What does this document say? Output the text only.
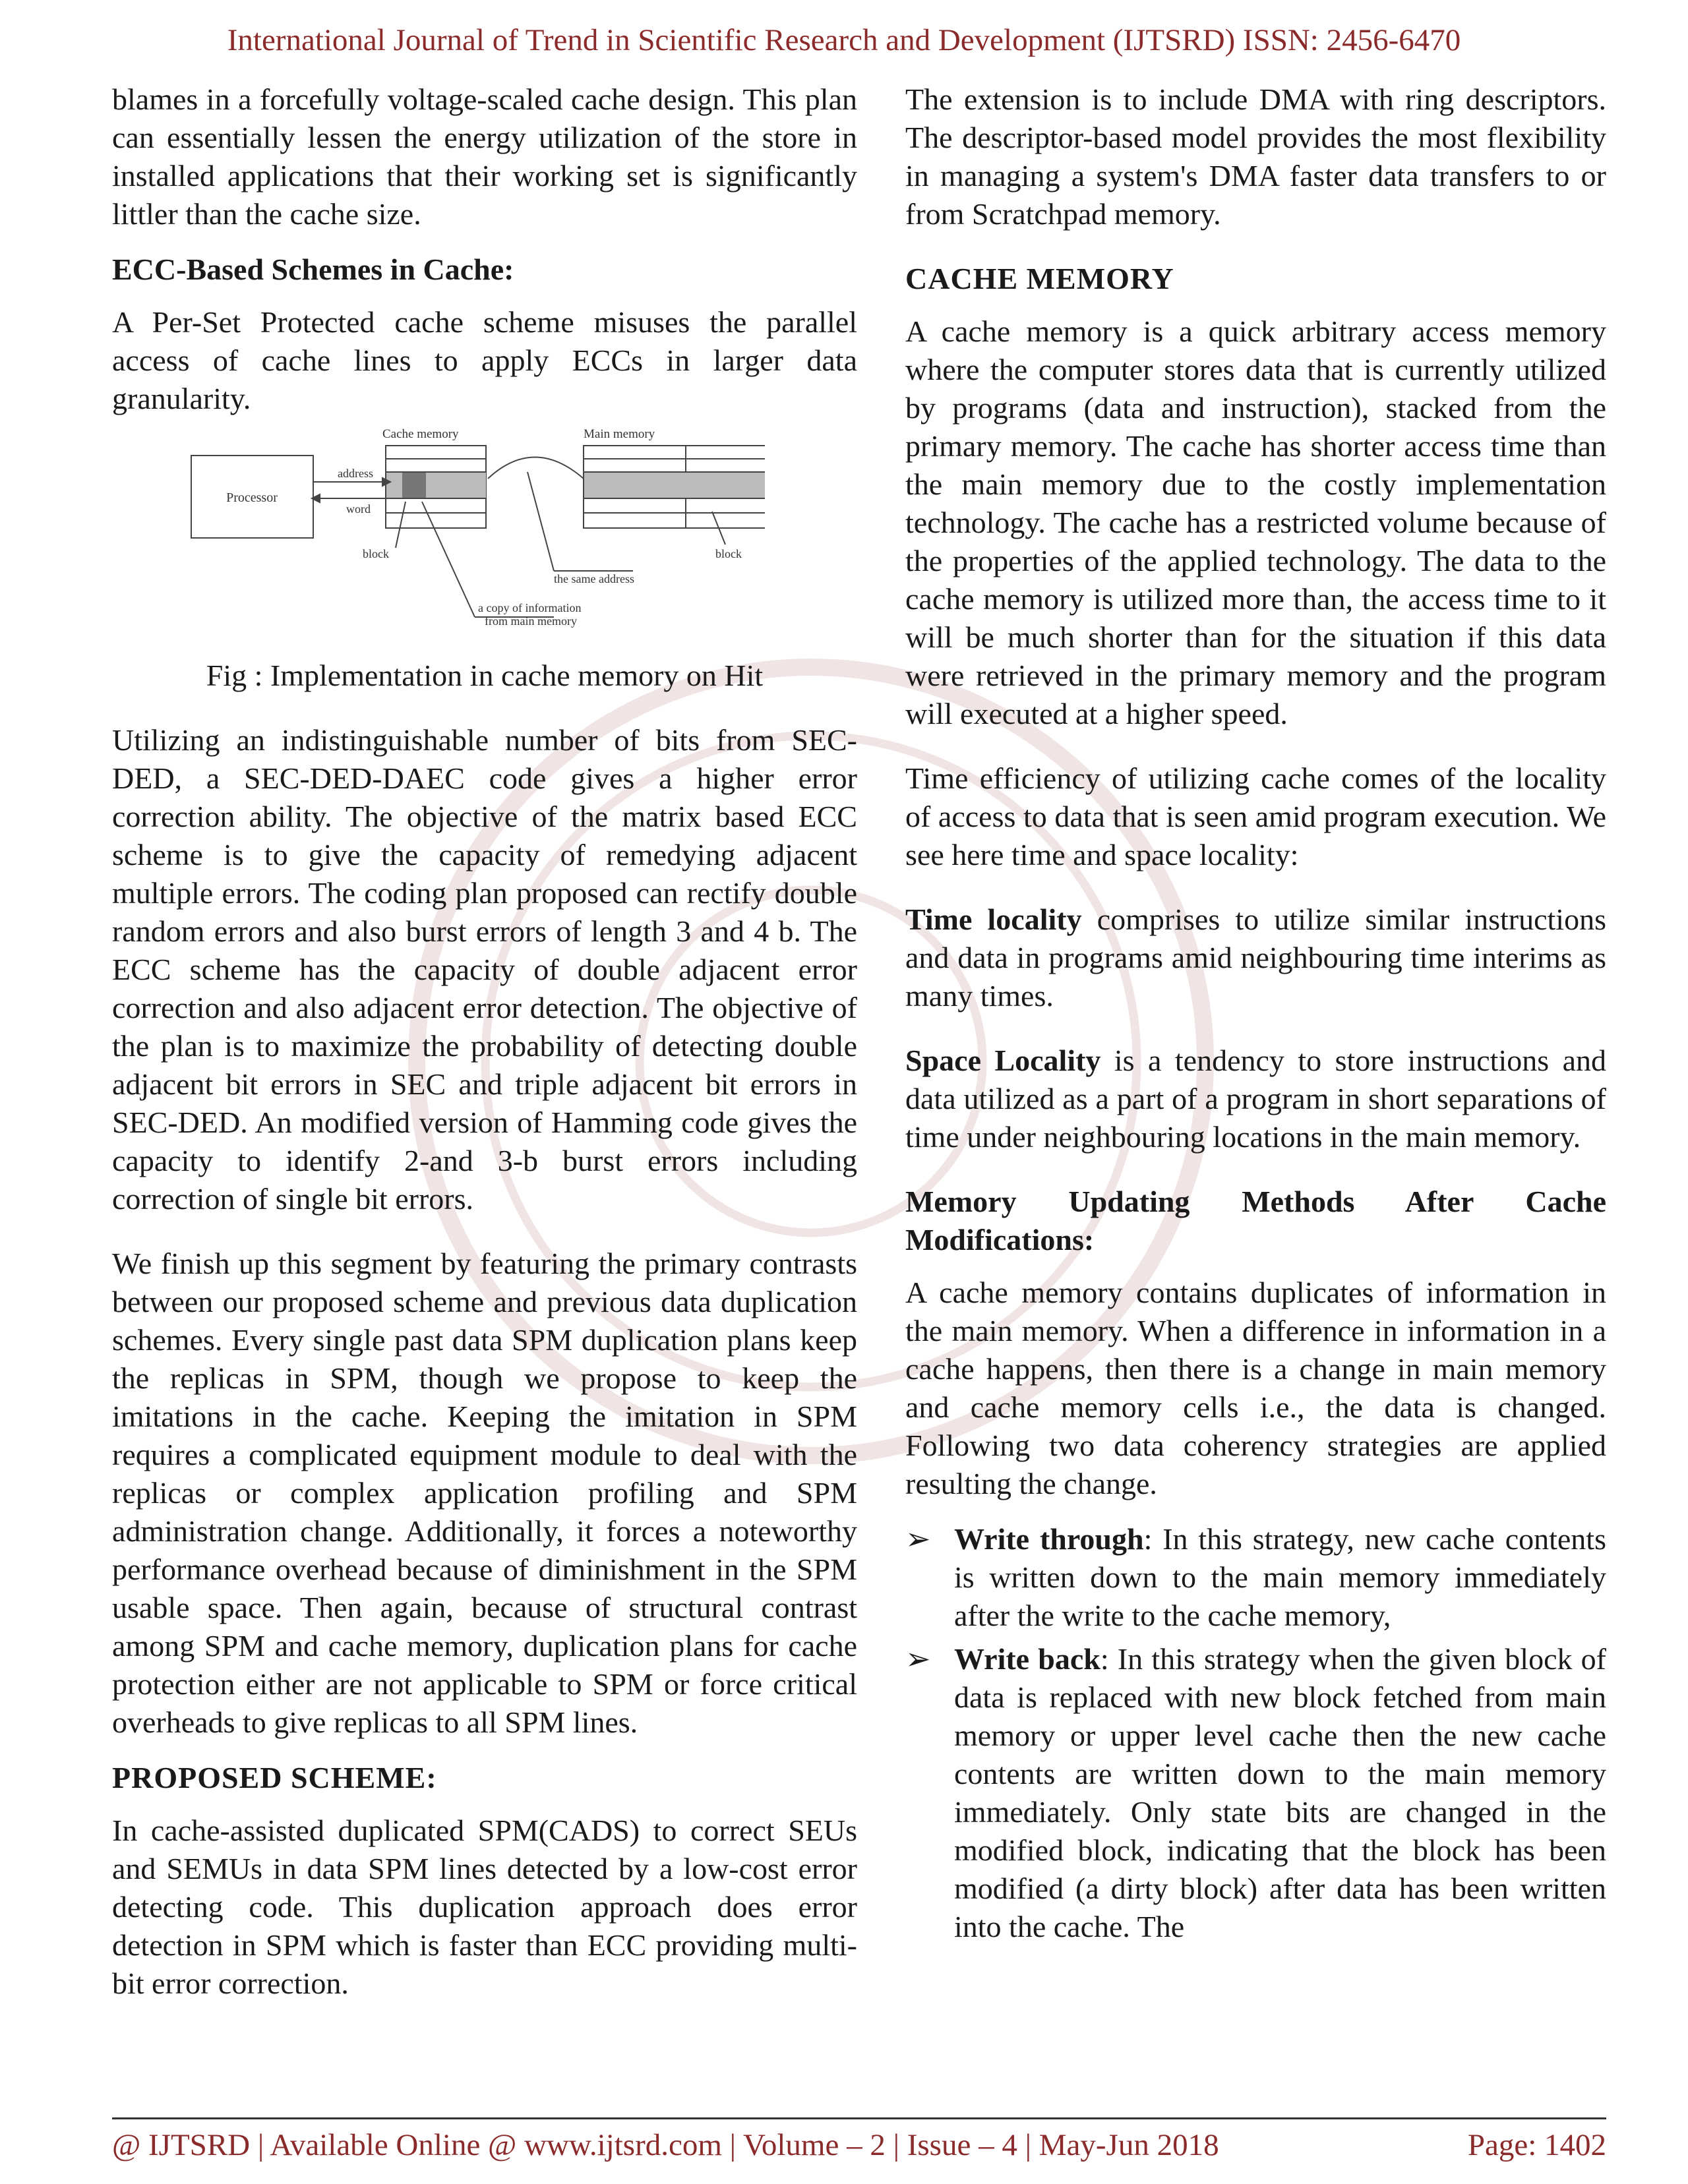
International Journal of Trend in Scientific Research and Development (IJTSRD) ISSN: 2456-6470

blames in a forcefully voltage-scaled cache design. This plan can essentially lessen the energy utilization of the store in installed applications that their working set is significantly littler than the cache size.

ECC-Based Schemes in Cache:

A Per-Set Protected cache scheme misuses the parallel access of cache lines to apply ECCs in larger data granularity.

Cache memory	Main memory
Processor
address
word
block	block
the same address
a copy of information
from main memory
Fig : Implementation in cache memory on Hit

Utilizing an indistinguishable number of bits from SEC-DED, a SEC-DED-DAEC code gives a higher error correction ability. The objective of the matrix based ECC scheme is to give the capacity of remedying adjacent multiple errors. The coding plan proposed can rectify double random errors and also burst errors of length 3 and 4 b. The ECC scheme has the capacity of double adjacent error correction and also adjacent error detection. The objective of the plan is to maximize the probability of detecting double adjacent bit errors in SEC and triple adjacent bit errors in SEC-DED. An modified version of Hamming code gives the capacity to identify 2-and 3-b burst errors including correction of single bit errors.

We finish up this segment by featuring the primary contrasts between our proposed scheme and previous data duplication schemes. Every single past data SPM duplication plans keep the replicas in SPM, though we propose to keep the imitations in the cache. Keeping the imitation in SPM requires a complicated equipment module to deal with the replicas or complex application profiling and SPM administration change. Additionally, it forces a noteworthy performance overhead because of diminishment in the SPM usable space. Then again, because of structural contrast among SPM and cache memory, duplication plans for cache protection either are not applicable to SPM or force critical overheads to give replicas to all SPM lines.

PROPOSED SCHEME:

In cache-assisted duplicated SPM(CADS) to correct SEUs and SEMUs in data SPM lines detected by a low-cost error detecting code. This duplication approach does error detection in SPM which is faster than ECC providing multi-bit error correction.

The extension is to include DMA with ring descriptors. The descriptor-based model provides the most flexibility in managing a system's DMA faster data transfers to or from Scratchpad memory.

CACHE MEMORY

A cache memory is a quick arbitrary access memory where the computer stores data that is currently utilized by programs (data and instruction), stacked from the primary memory. The cache has shorter access time than the main memory due to the costly implementation technology. The cache has a restricted volume because of the properties of the applied technology. The data to the cache memory is utilized more than, the access time to it will be much shorter than for the situation if this data were retrieved in the primary memory and the program will executed at a higher speed.

Time efficiency of utilizing cache comes of the locality of access to data that is seen amid program execution. We see here time and space locality:

Time locality comprises to utilize similar instructions and data in programs amid neighbouring time interims as many times.

Space Locality is a tendency to store instructions and data utilized as a part of a program in short separations of time under neighbouring locations in the main memory.

Memory Updating Methods After Cache Modifications:

A cache memory contains duplicates of information in the main memory. When a difference in information in a cache happens, then there is a change in main memory and cache memory cells i.e., the data is changed. Following two data coherency strategies are applied resulting the change.

➢ Write through: In this strategy, new cache contents is written down to the main memory immediately after the write to the cache memory,

➢ Write back: In this strategy when the given block of data is replaced with new block fetched from main memory or upper level cache then the new cache contents are written down to the main memory immediately. Only state bits are changed in the modified block, indicating that the block has been modified (a dirty block) after data has been written into the cache. The

@ IJTSRD | Available Online @ www.ijtsrd.com | Volume – 2 | Issue – 4 | May-Jun 2018	Page: 1402
